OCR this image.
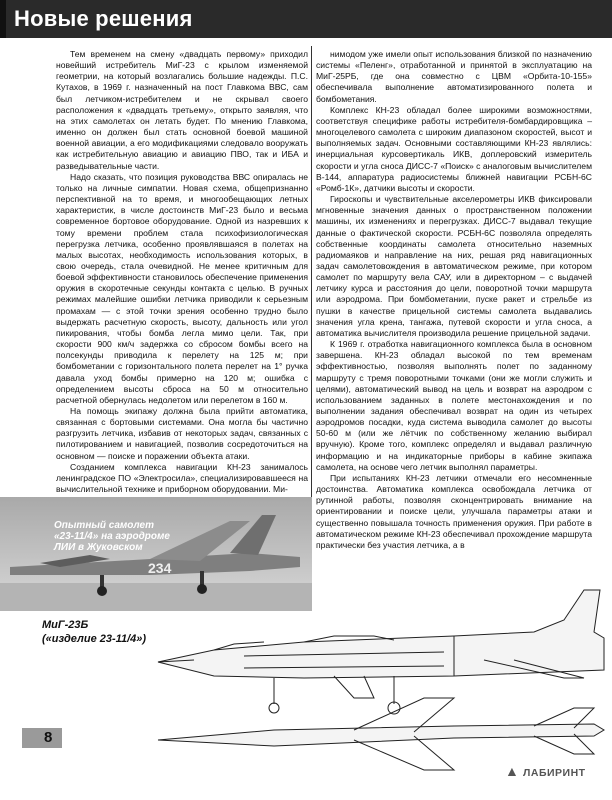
Новые решения

Тем временем на смену «двадцать первому» приходил новейший истребитель МиГ-23 с крылом изменяемой геометрии, на который возлагались большие надежды. П.С. Кутахов, в 1969 г. назначенный на пост Главкома ВВС, сам был летчиком-истребителем и не скрывал своего расположения к «двадцать третьему», открыто заявляя, что на этих самолетах он летать будет. По мнению Главкома, именно он должен был стать основной боевой машиной военной авиации, а его модификациями следовало вооружать как истребительную авиацию и авиацию ПВО, так и ИБА и разведывательные части.

Надо сказать, что позиция руководства ВВС опиралась не только на личные симпатии. Новая схема, общепризнанно перспективной на то время, и многообещающих летных характеристик, в числе достоинств МиГ-23 было и весьма современное бортовое оборудование. Одной из назревших к тому времени проблем стала психофизиологическая перегрузка летчика, особенно проявлявшаяся в полетах на малых высотах, необходимость использования которых, в свою очередь, стала очевидной. Не менее критичным для боевой эффективности становилось обеспечение применения оружия в скоротечные секунды контакта с целью. В ручных режимах малейшие ошибки летчика приводили к серьезным промахам — с этой точки зрения особенно трудно было выдержать расчетную скорость, высоту, дальность или угол пикирования, чтобы бомба легла мимо цели. Так, при скорости 900 км/ч задержка со сбросом бомбы всего на полсекунды приводила к перелету на 125 м; при бомбометании с горизонтального полета перелет на 1° ручка давала уход бомбы примерно на 120 м; ошибка с определением высоты сброса на 50 м относительно расчетной обернулась недолетом или перелетом в 160 м.

На помощь экипажу должна была прийти автоматика, связанная с бортовыми системами. Она могла бы частично разгрузить летчика, избавив от некоторых задач, связанных с пилотированием и навигацией, позволив сосредоточиться на основном — поиске и поражении объекта атаки.

Созданием комплекса навигации КН-23 занималось ленинградское ПО «Электросила», специализировавшееся на вычислительной технике и приборном оборудовании. Ми-

нимодом уже имели опыт использования близкой по назначению системы «Пеленг», отработанной и принятой в эксплуатацию на МиГ-25РБ, где она совместно с ЦВМ «Орбита-10-155» обеспечивала выполнение автоматизированного полета и бомбометания.

Комплекс КН-23 обладал более широкими возможностями, соответствуя специфике работы истребителя-бомбардировщика – многоцелевого самолета с широким диапазоном скоростей, высот и выполняемых задач. Основными составляющими КН-23 являлись: инерциальная курсовертикаль ИКВ, доплеровский измеритель скорости и угла сноса ДИСС-7 «Поиск» с аналоговым вычислителем В-144, аппаратура радиосистемы ближней навигации РСБН-6С «Ромб-1К», датчики высоты и скорости.

Гироскопы и чувствительные акселерометры ИКВ фиксировали мгновенные значения данных о пространственном положении машины, их изменениях и перегрузках. ДИСС-7 выдавал текущие данные о фактической скорости. РСБН-6С позволяла определять собственные координаты самолета относительно наземных радиомаяков и направление на них, решая ряд навигационных задач самолетовождения в автоматическом режиме, при котором самолет по маршруту вела САУ, или в директорном – с выдачей летчику курса и расстояния до цели, поворотной точки маршрута или аэродрома. При бомбометании, пуске ракет и стрельбе из пушки в качестве прицельной системы самолета выдавались значения угла крена, тангажа, путевой скорости и угла сноса, а автоматика вычислителя производила решение прицельной задачи.

К 1969 г. отработка навигационного комплекса была в основном завершена. КН-23 обладал высокой по тем временам эффективностью, позволяя выполнять полет по заданному маршруту с тремя поворотными точками (они же могли служить и целями), автоматический вывод на цель и возврат на аэродром с использованием заданных в полете местонахождения и по выполнении задания обеспечивал возврат на один из четырех аэродромов посадки, куда система выводила самолет до высоты 50-60 м (или же лётчик по собственному желанию выбирал вручную). Кроме того, комплекс определял и выдавал различную информацию и на индикаторные приборы в кабине экипажа самолета, на основе чего летчик выполнял параметры.

При испытаниях КН-23 летчики отмечали его несомненные достоинства. Автоматика комплекса освобождала летчика от рутинной работы, позволяя сконцентрировать внимание на ориентировании и поиске цели, улучшала параметры атаки и существенно повышала точность применения оружия. При работе в автоматическом режиме КН-23 обеспечивал прохождение маршрута практически без участия летчика, а в

234
Опытный самолет
«23-11/4» на аэродроме
ЛИИ в Жуковском
МиГ-23Б
(«изделие 23-11/4»)
8
▲ ЛАБИРИНТ
